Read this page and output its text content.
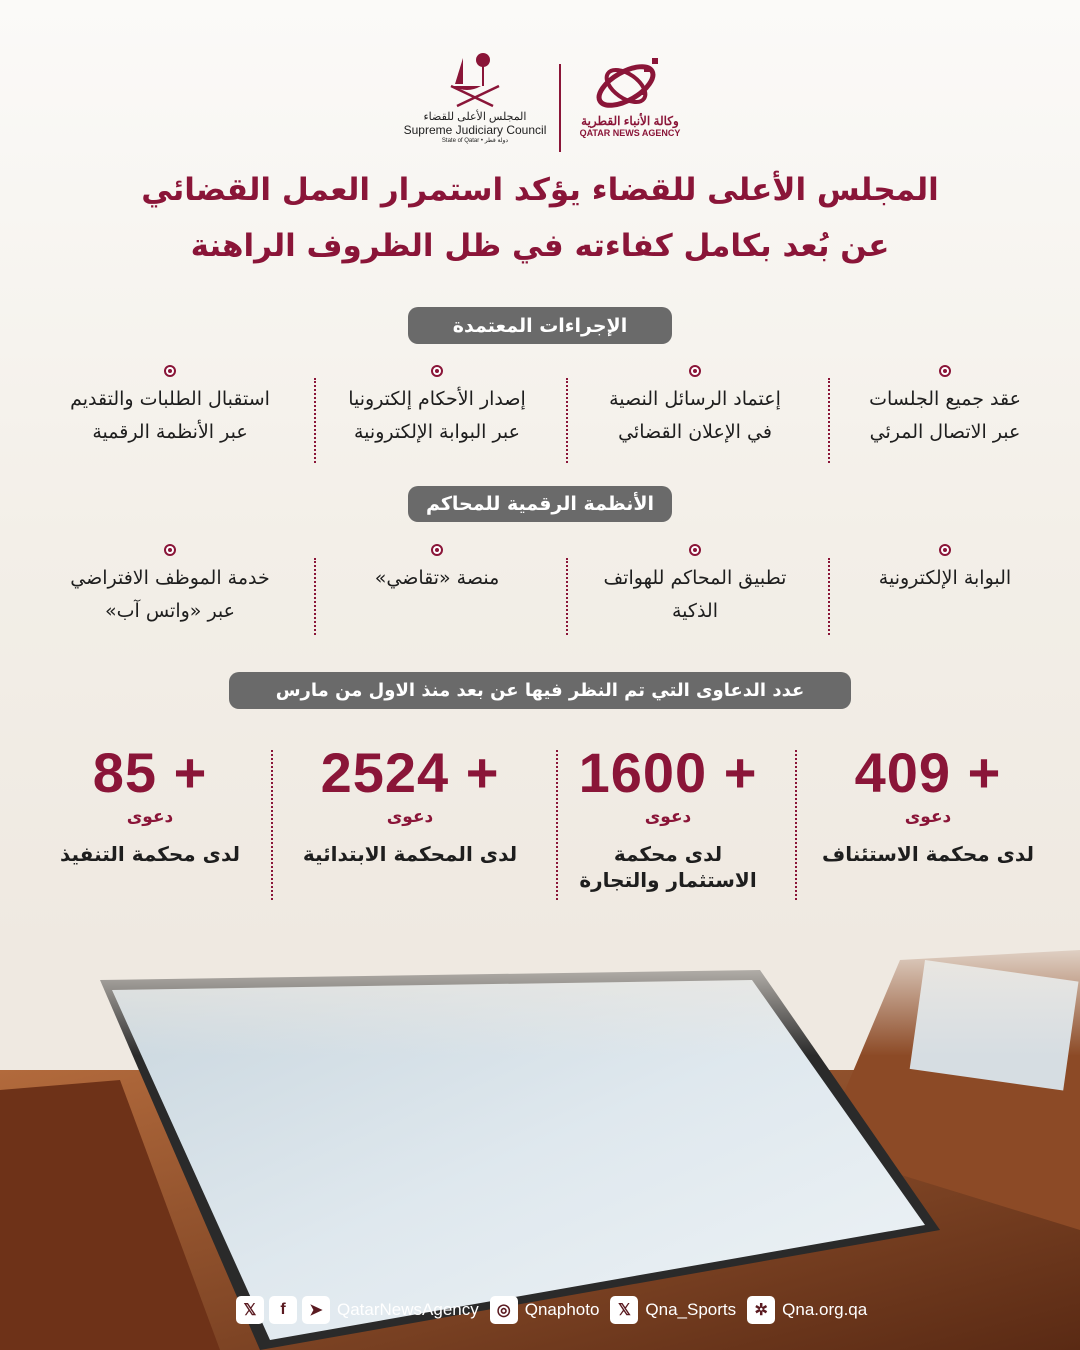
المجلس الأعلى للقضاء
Supreme Judiciary Council
State of Qatar • دولة قطر
وكالة الأنباء القطرية
QATAR NEWS AGENCY
المجلس الأعلى للقضاء يؤكد استمرار العمل القضائي
عن بُعد بكامل كفاءته في ظل الظروف الراهنة
الإجراءات المعتمدة
عقد جميع الجلسات
عبر الاتصال المرئي
إعتماد الرسائل النصية
في الإعلان القضائي
إصدار الأحكام إلكترونيا
عبر البوابة الإلكترونية
استقبال الطلبات والتقديم
عبر الأنظمة الرقمية
الأنظمة الرقمية للمحاكم
البوابة الإلكترونية
تطبيق المحاكم للهواتف
الذكية
منصة «تقاضي»
خدمة الموظف الافتراضي
عبر «واتس آب»
عدد الدعاوى التي تم النظر فيها عن بعد منذ الاول من مارس
409 +
دعوى
لدى محكمة الاستئناف
1600 +
دعوى
لدى محكمة
الاستثمار والتجارة
2524 +
دعوى
لدى المحكمة الابتدائية
85 +
دعوى
لدى محكمة التنفيذ
𝕏	f	➤ QatarNewsAgency	◎ Qnaphoto	𝕏 Qna_Sports	✲ Qna.org.qa
